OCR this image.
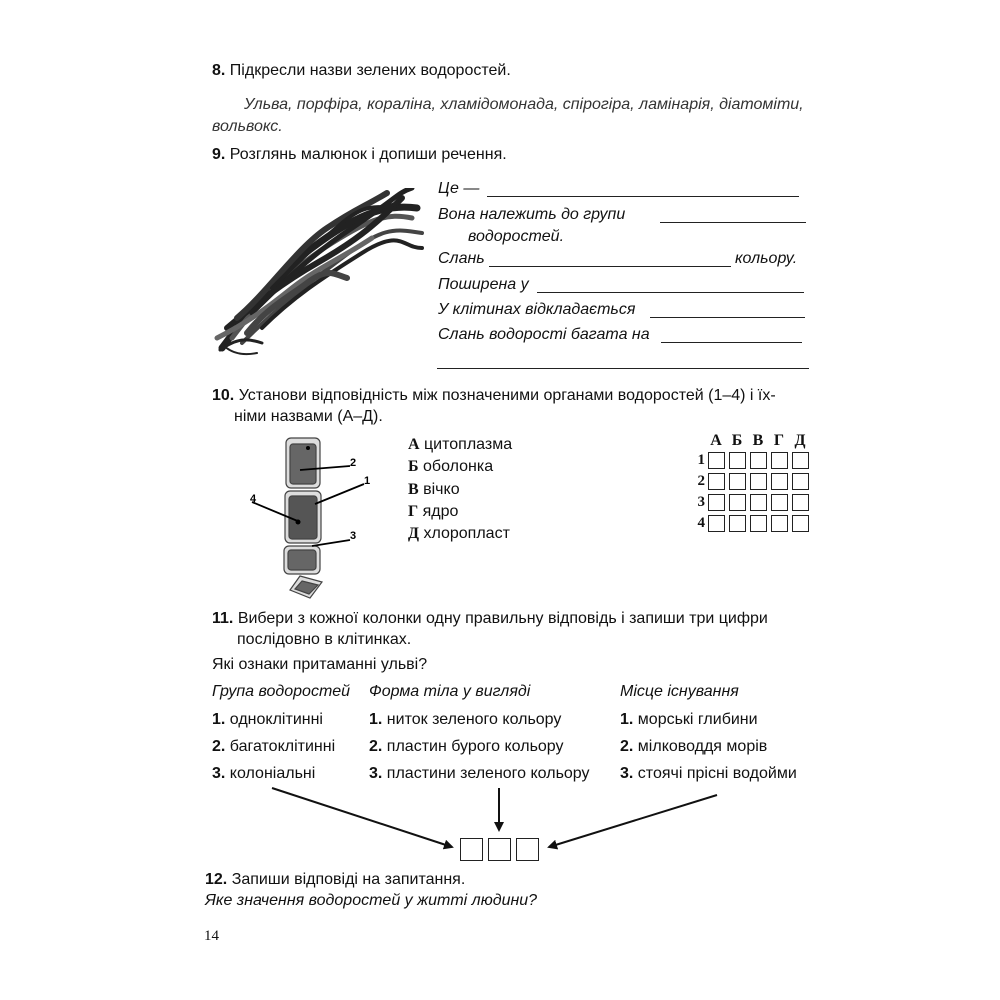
8. Підкресли назви зелених водоростей.
Ульва, порфіра, кораліна, хламідомонада, спірогіра, ламінарія, діатоміти,
вольвокс.
9. Розглянь малюнок і допиши речення.
Це —
Вона належить до групи
водоростей.
Слань	кольору.
Поширена у
У клітинах відкладається
Слань водорості багата на
10. Установи відповідність між позначеними органами водоростей (1–4) і їх-
німи назвами (А–Д).
2
1
4
3
А цитоплазма
Б оболонка
В вічко
Г ядро
Д хлоропласт
А Б В Г Д
1
2
3
4
11. Вибери з кожної колонки одну правильну відповідь і запиши три цифри
послідовно в клітинках.
Які ознаки притаманні ульві?
Група водоростей Форма тіла у вигляді	Місце існування
1. одноклітинні
2. багатоклітинні
3. колоніальні
1. ниток зеленого кольору
2. пластин бурого кольору
3. пластини зеленого кольору
1. морські глибини
2. мілководдя морів
3. стоячі прісні водойми
12. Запиши відповіді на запитання.
Яке значення водоростей у житті людини?
14
